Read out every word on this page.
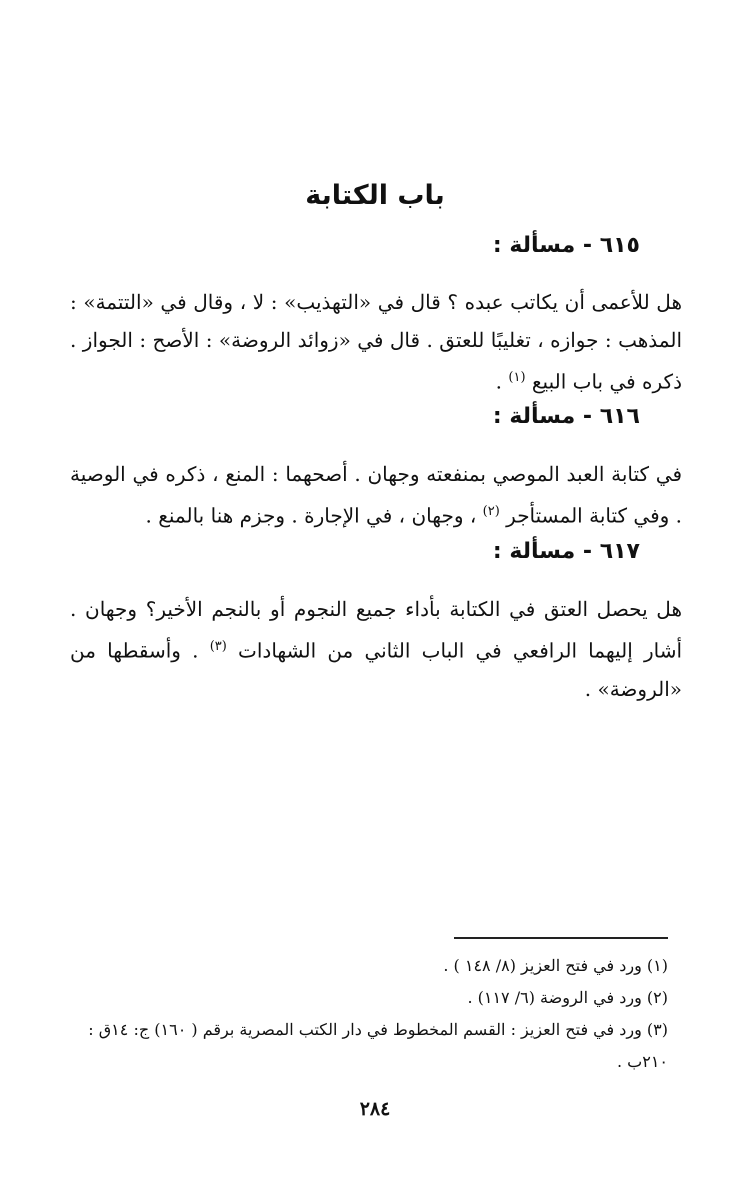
باب الكتابة
٦١٥ - مسألة :

هل للأعمى أن يكاتب عبده ؟ قال في «التهذيب» : لا ، وقال في «التتمة» : المذهب : جوازه ، تغليبًا للعتق . قال في «زوائد الروضة» : الأصح : الجواز . ذكره في باب البيع $^{(١)}$ .

٦١٦ - مسألة :

في كتابة العبد الموصي بمنفعته وجهان . أصحهما : المنع ، ذكره في الوصية . وفي كتابة المستأجر $^{(٢)}$ ، وجهان ، في الإجارة . وجزم هنا بالمنع .

٦١٧ - مسألة :

هل يحصل العتق في الكتابة بأداء جميع النجوم أو بالنجم الأخير؟ وجهان . أشار إليهما الرافعي في الباب الثاني من الشهادات $^{(٣)}$ . وأسقطها من «الروضة» .

(١) ورد في فتح العزيز (٨/ ١٤٨ ) .
(٢) ورد في الروضة (٦/ ١١٧) .
(٣) ورد في فتح العزيز : القسم المخطوط في دار الكتب المصرية برقم ( ١٦٠) ج: ١٤ق : ٢١٠ب .
٢٨٤
